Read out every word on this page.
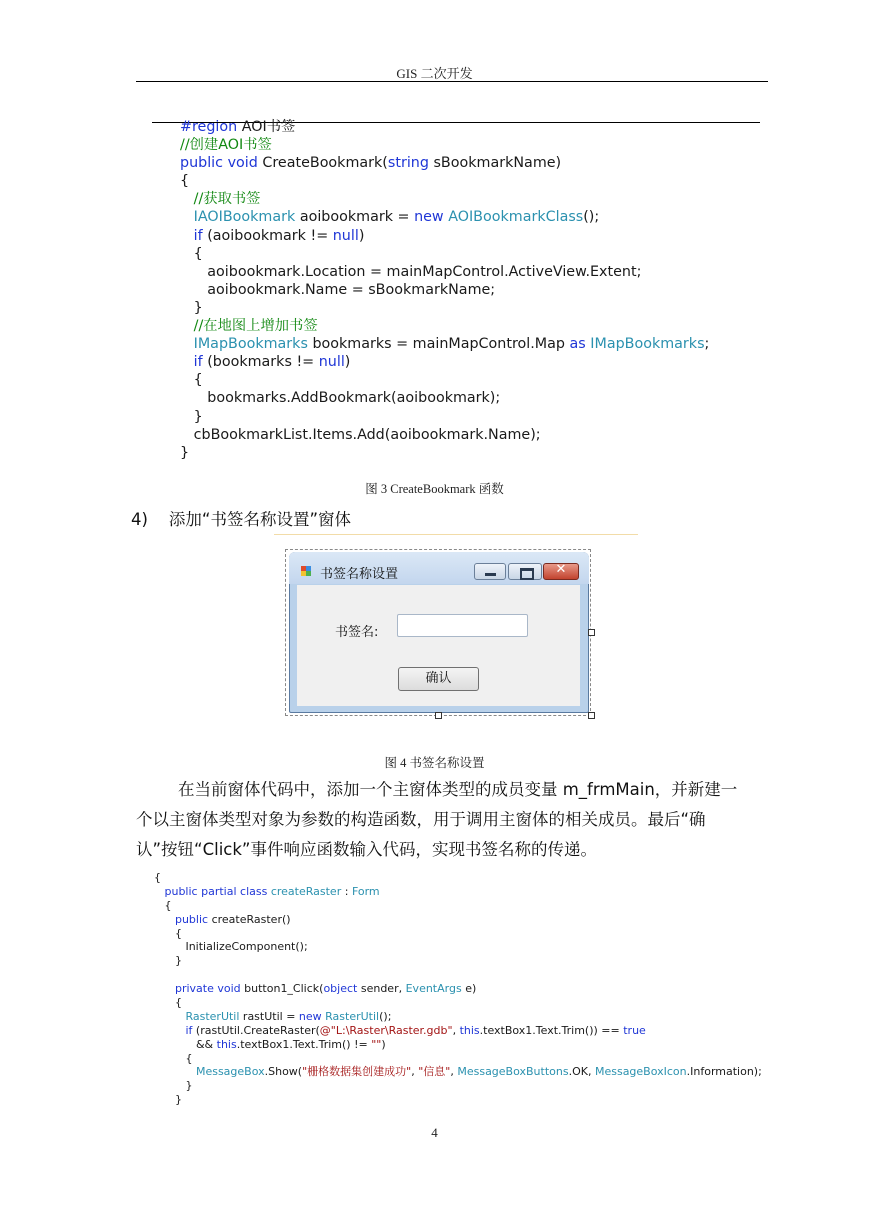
GIS 二次开发
#region AOI书签
//创建AOI书签
public void CreateBookmark(string sBookmarkName)
{
//获取书签
IAOIBookmark aoibookmark = new AOIBookmarkClass();
if (aoibookmark != null)
{
aoibookmark.Location = mainMapControl.ActiveView.Extent;
aoibookmark.Name = sBookmarkName;
}
//在地图上增加书签
IMapBookmarks bookmarks = mainMapControl.Map as IMapBookmarks;
if (bookmarks != null)
{
bookmarks.AddBookmark(aoibookmark);
}
cbBookmarkList.Items.Add(aoibookmark.Name);
}
图 3 CreateBookmark 函数
4)    添加“书签名称设置”窗体
书签名称设置	✕
书签名:
确认
图 4 书签名称设置
在当前窗体代码中，添加一个主窗体类型的成员变量 m_frmMain，并新建一
个以主窗体类型对象为参数的构造函数，用于调用主窗体的相关成员。最后“确
认”按钮“Click”事件响应函数输入代码，实现书签名称的传递。
{
public partial class createRaster : Form
{
public createRaster()
{
InitializeComponent();
}
private void button1_Click(object sender, EventArgs e)
{
RasterUtil rastUtil = new RasterUtil();
if (rastUtil.CreateRaster(@"L:\Raster\Raster.gdb", this.textBox1.Text.Trim()) == true
&& this.textBox1.Text.Trim() != "")
{
MessageBox.Show("栅格数据集创建成功", "信息", MessageBoxButtons.OK, MessageBoxIcon.Information);
}
}
4
